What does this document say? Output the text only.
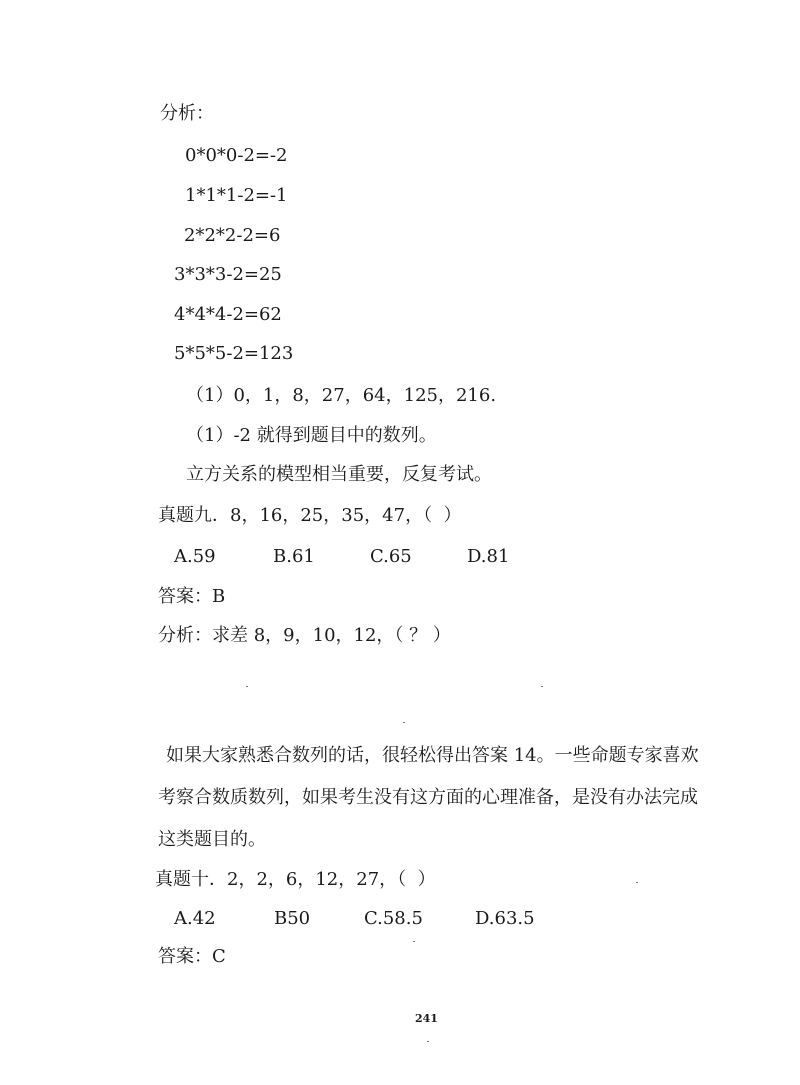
分析：
0*0*0-2=-2
1*1*1-2=-1
2*2*2-2=6
3*3*3-2=25
4*4*4-2=62
5*5*5-2=123
（1）0，1，8，27，64，125，216.
（1）-2 就得到题目中的数列。
立方关系的模型相当重要，反复考试。
真题九．8，16，25，35，47，（  ）
A.59	B.61	C.65	D.81
答案：B
分析：求差 8，9，10，12，（ ？ ）
如果大家熟悉合数列的话，很轻松得出答案 14。一些命题专家喜欢
考察合数质数列，如果考生没有这方面的心理准备，是没有办法完成
这类题目的。
真题十．2，2，6，12，27，（  ）
A.42	B50	C.58.5	D.63.5
答案：C
241
